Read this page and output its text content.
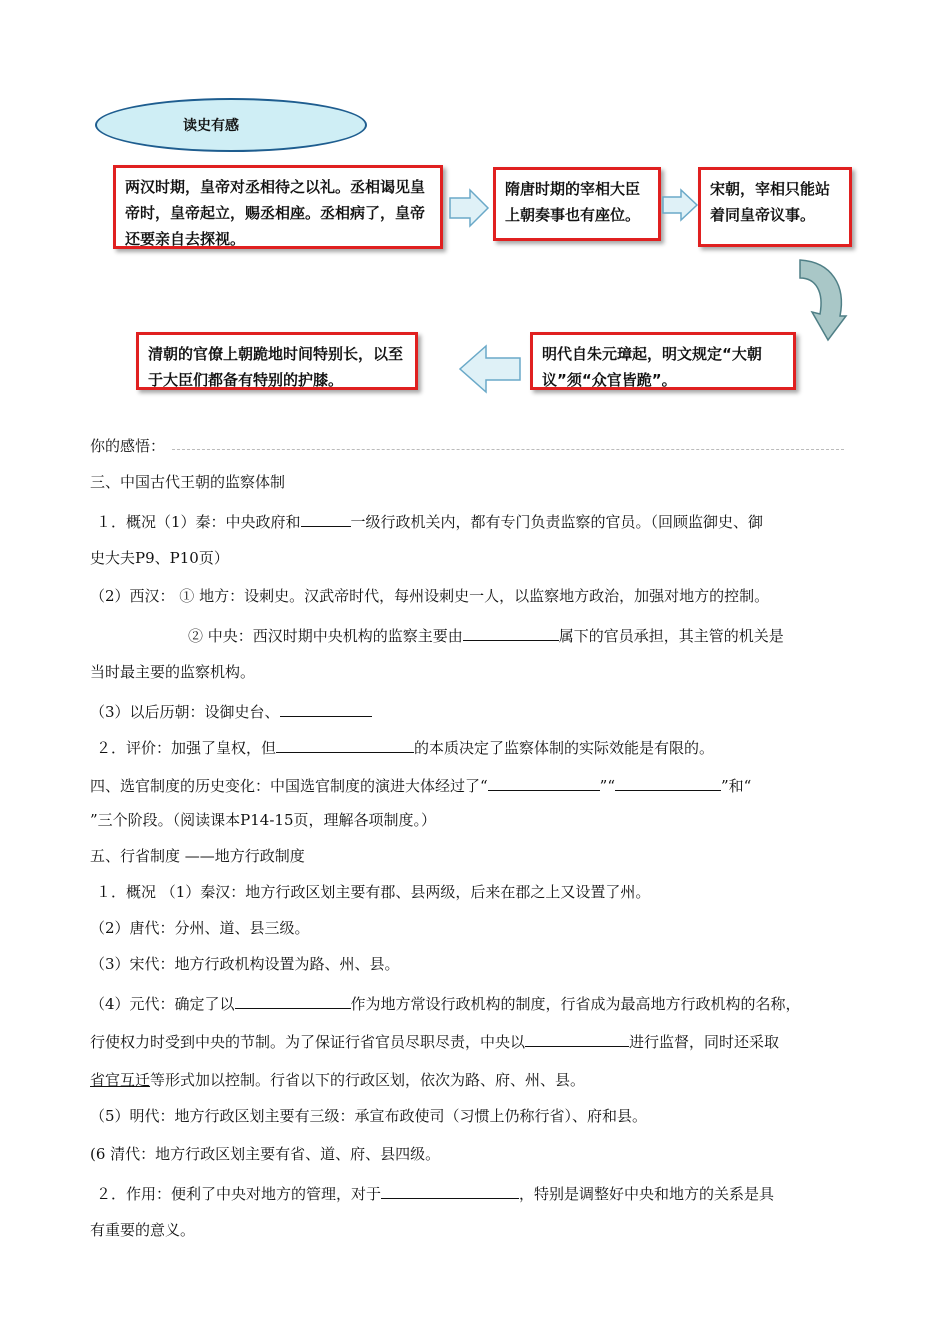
读史有感
两汉时期，皇帝对丞相待之以礼。丞相谒见皇帝时，皇帝起立，赐丞相座。丞相病了，皇帝还要亲自去探视。
隋唐时期的宰相大臣上朝奏事也有座位。
宋朝，宰相只能站着同皇帝议事。
明代自朱元璋起，明文规定“大朝议”须“众官皆跪”。
清朝的官僚上朝跪地时间特别长，以至于大臣们都备有特别的护膝。
你的感悟：
三、中国古代王朝的监察体制
１．概况（1）秦：中央政府和	一级行政机关内，都有专门负责监察的官员。（回顾监御史、御
史大夫P9、P10页）
（2）西汉： ① 地方：设刺史。汉武帝时代，每州设刺史一人，以监察地方政治，加强对地方的控制。
② 中央：西汉时期中央机构的监察主要由	属下的官员承担，其主管的机关是
当时最主要的监察机构。
（3）以后历朝：设御史台、
２．评价：加强了皇权，但	的本质决定了监察体制的实际效能是有限的。
四、选官制度的历史变化：中国选官制度的演进大体经过了“	”“	”和“
”三个阶段。（阅读课本P14-15页，理解各项制度。）
五、行省制度 ——地方行政制度
１．概况 （1）秦汉：地方行政区划主要有郡、县两级，后来在郡之上又设置了州。
（2）唐代：分州、道、县三级。
（3）宋代：地方行政机构设置为路、州、县。
（4）元代：确定了以	作为地方常设行政机构的制度，行省成为最高地方行政机构的名称，
行使权力时受到中央的节制。为了保证行省官员尽职尽责，中央以	进行监督，同时还采取
省官互迁等形式加以控制。行省以下的行政区划，依次为路、府、州、县。
（5）明代：地方行政区划主要有三级：承宣布政使司（习惯上仍称行省）、府和县。
(6 清代：地方行政区划主要有省、道、府、县四级。
２．作用：便利了中央对地方的管理，对于	，特别是调整好中央和地方的关系是具
有重要的意义。
